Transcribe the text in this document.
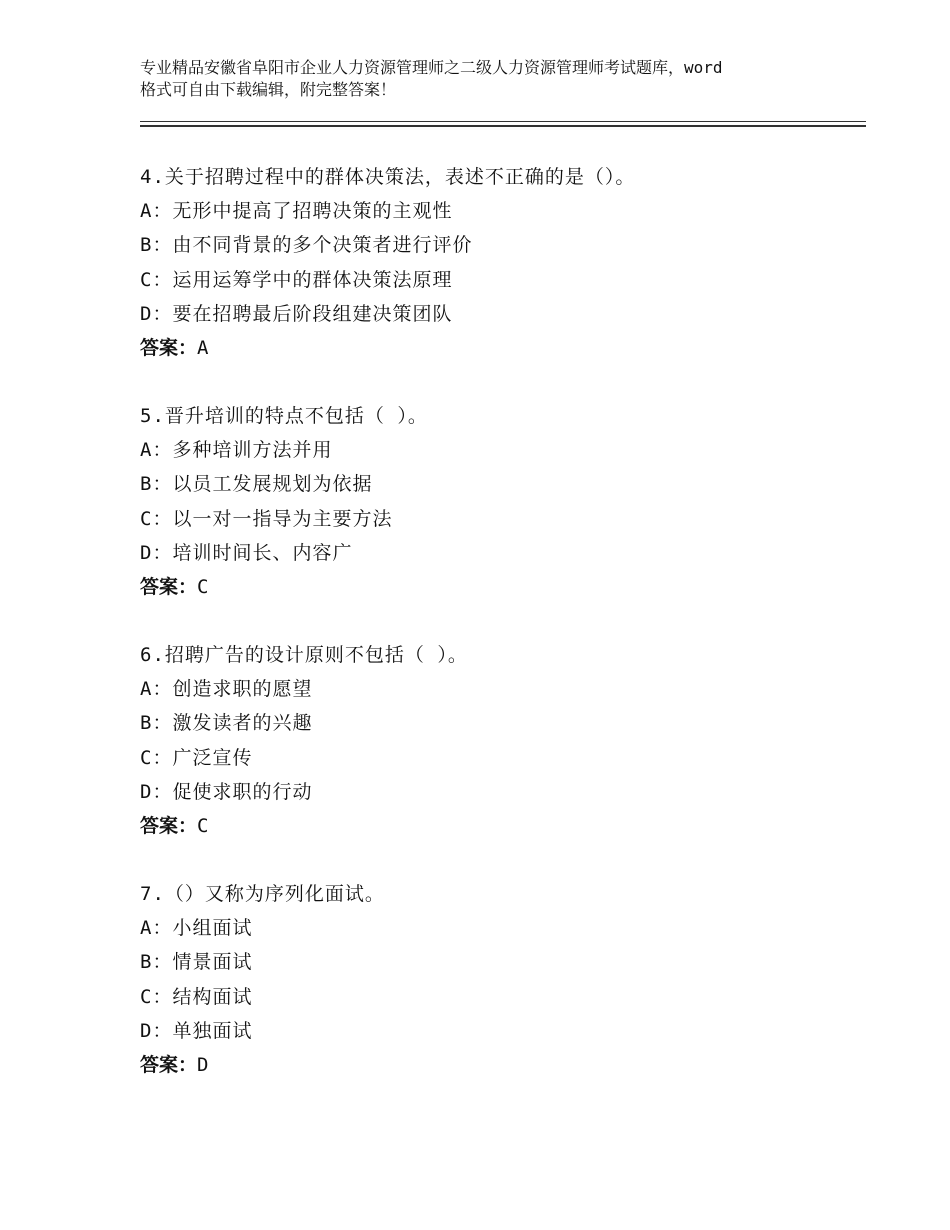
专业精品安徽省阜阳市企业人力资源管理师之二级人力资源管理师考试题库，word
格式可自由下载编辑，附完整答案！
4.关于招聘过程中的群体决策法，表述不正确的是（）。
A：无形中提高了招聘决策的主观性
B：由不同背景的多个决策者进行评价
C：运用运筹学中的群体决策法原理
D：要在招聘最后阶段组建决策团队
答案：A
5.晋升培训的特点不包括（ ）。
A：多种培训方法并用
B：以员工发展规划为依据
C：以一对一指导为主要方法
D：培训时间长、内容广
答案：C
6.招聘广告的设计原则不包括（ ）。
A：创造求职的愿望
B：激发读者的兴趣
C：广泛宣传
D：促使求职的行动
答案：C
7.（）又称为序列化面试。
A：小组面试
B：情景面试
C：结构面试
D：单独面试
答案：D
